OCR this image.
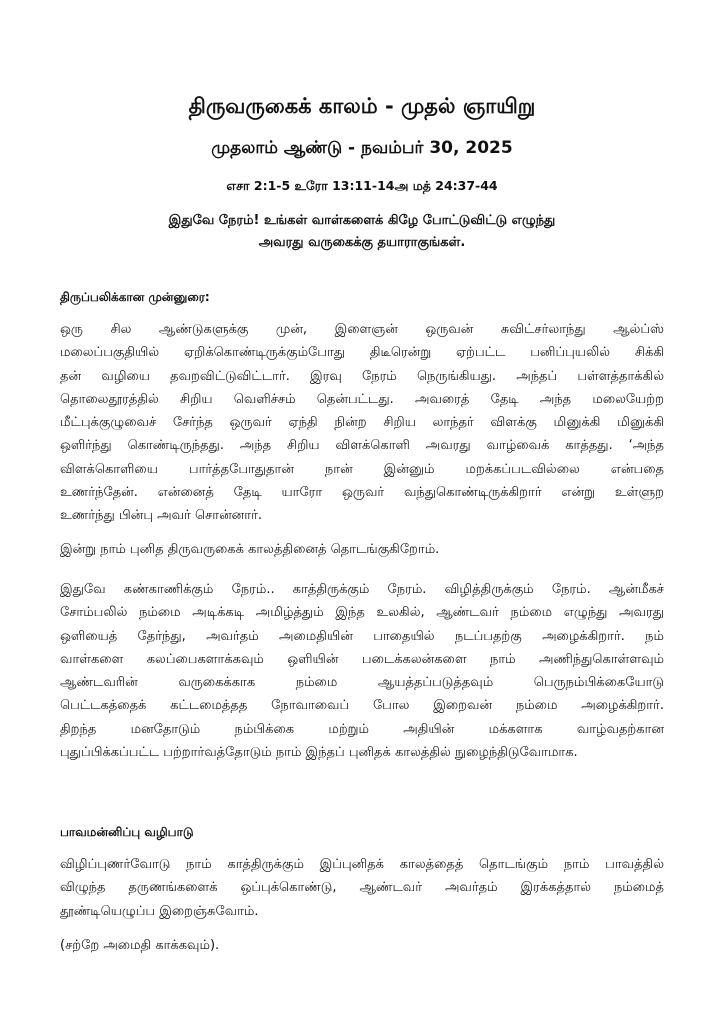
திருவருகைக் காலம் - முதல் ஞாயிறு
முதலாம் ஆண்டு - நவம்பர் 30, 2025
எசா 2:1-5 உரோ 13:11-14அ மத் 24:37-44
இதுவே நேரம்! உங்கள் வாள்களைக் கிழே போட்டுவிட்டு எழுந்து
அவரது வருகைக்கு தயாராகுங்கள்.
திருப்பலிக்கான முன்னுரை:
ஒரு சில ஆண்டுகளுக்கு முன், இளைஞன் ஒருவன் சுவிட்சர்லாந்து ஆல்ப்ஸ்
மலைப்பகுதியில் ஏறிக்கொண்டிருக்கும்போது திடீரென்று ஏற்பட்ட பனிப்புயலில் சிக்கி
தன் வழியை தவறவிட்டுவிட்டார். இரவு நேரம் நெருங்கியது. அந்தப் பள்ளத்தாக்கில்
தொலைதூரத்தில் சிறிய வெளிச்சம் தென்பட்டது. அவரைத் தேடி அந்த மலையேற்ற
மீட்புக்குழுவைச் சேர்ந்த ஒருவர் ஏந்தி நின்ற சிறிய லாந்தர் விளக்கு மினுக்கி மினுக்கி
ஒளிர்ந்து கொண்டிருந்தது. அந்த சிறிய விளக்கொளி அவரது வாழ்வைக் காத்தது. ‘அந்த
விளக்கொளியை பார்த்தபோதுதான் நான் இன்னும் மறக்கப்படவில்லை என்பதை
உணர்ந்தேன். என்னைத் தேடி யாரோ ஒருவர் வந்துகொண்டிருக்கிறார் என்று உள்ளுற
உணர்ந்து பின்பு அவர் சொன்னார்.
இன்று நாம் புனித திருவருகைக் காலத்தினைத் தொடங்குகிறோம்.
இதுவே கண்காணிக்கும் நேரம்.. காத்திருக்கும் நேரம். விழித்திருக்கும் நேரம். ஆன்மீகச்
சோம்பலில் நம்மை அடிக்கடி அமிழ்த்தும் இந்த உலகில், ஆண்டவர் நம்மை எழுந்து அவரது
ஒளியைத் தேர்ந்து, அவர்தம் அமைதியின் பாதையில் நடப்பதற்கு அழைக்கிறார். நம்
வாள்களை கலப்பைகளாக்கவும் ஒளியின் படைக்கலன்களை நாம் அணிந்துகொள்ளவும்
ஆண்டவரின் வருகைக்காக நம்மை ஆயத்தப்படுத்தவும் பெருநம்பிக்கையோடு
பெட்டகத்தைக் கட்டமைத்தத நோவாவைப் போல இறைவன் நம்மை அழைக்கிறார்.
திறந்த மனதோடும் நம்பிக்கை மற்றும் அதியின் மக்களாக வாழ்வதற்கான
புதுப்பிக்கப்பட்ட பற்றார்வத்தோடும் நாம் இந்தப் புனிதக் காலத்தில் நுழைந்திடுவோமாக.
பாவமன்னிப்பு வழிபாடு
விழிப்புணர்வோடு நாம் காத்திருக்கும் இப்புனிதக் காலத்தைத் தொடங்கும் நாம் பாவத்தில்
விழுந்த தருணங்களைக் ஒப்புக்கொண்டு, ஆண்டவர் அவர்தம் இரக்கத்தால் நம்மைத்
தூண்டியெழுப்ப இறைஞ்சுவோம்.
(சற்றே அமைதி காக்கவும்).
